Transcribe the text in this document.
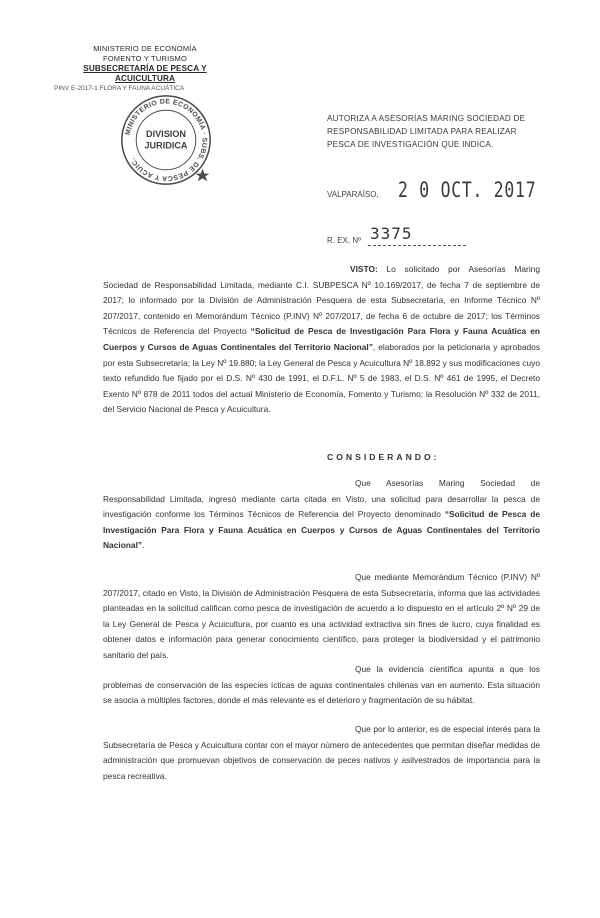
MINISTERIO DE ECONOMÍA
FOMENTO Y TURISMO
SUBSECRETARÍA DE PESCA Y ACUICULTURA
PINV E-2017-1 FLORA Y FAUNA ACUÁTICA
MINISTERIO DE ECONOMÍA · SUBS. DE PESCA Y ACUIC.
DIVISION
JURIDICA
AUTORIZA A ASESORÍAS MARING SOCIEDAD DE RESPONSABILIDAD LIMITADA PARA REALIZAR PESCA DE INVESTIGACIÓN QUE INDICA.
VALPARAÍSO, 2 0 OCT. 2017
R. EX. Nº 3375
VISTO: Lo solicitado por Asesorías Maring Sociedad de Responsabilidad Limitada, mediante C.I. SUBPESCA Nº 10.169/2017, de fecha 7 de septiembre de 2017; lo informado por la División de Administración Pesquera de esta Subsecretaría, en Informe Técnico Nº 207/2017, contenido en Memorándum Técnico (P.INV) Nº 207/2017, de fecha 6 de octubre de 2017; los Términos Técnicos de Referencia del Proyecto “Solicitud de Pesca de Investigación Para Flora y Fauna Acuática en Cuerpos y Cursos de Aguas Continentales del Territorio Nacional”, elaborados por la peticionaria y aprobados por esta Subsecretaría; la Ley Nº 19.880; la Ley General de Pesca y Acuicultura Nº 18.892 y sus modificaciones cuyo texto refundido fue fijado por el D.S. Nº 430 de 1991, el D.F.L. Nº 5 de 1983, el D.S. Nº 461 de 1995, el Decreto Exento Nº 878 de 2011 todos del actual Ministerio de Economía, Fomento y Turismo; la Resolución Nº 332 de 2011, del Servicio Nacional de Pesca y Acuicultura.
CONSIDERANDO:
Que Asesorías Maring Sociedad de Responsabilidad Limitada, ingresó mediante carta citada en Visto, una solicitud para desarrollar la pesca de investigación conforme los Términos Técnicos de Referencia del Proyecto denominado “Solicitud de Pesca de Investigación Para Flora y Fauna Acuática en Cuerpos y Cursos de Aguas Continentales del Territorio Nacional”.
Que mediante Memorándum Técnico (P.INV) Nº 207/2017, citado en Visto, la División de Administración Pesquera de esta Subsecretaría, informa que las actividades planteadas en la solicitud califican como pesca de investigación de acuerdo a lo dispuesto en el artículo 2º Nº 29 de la Ley General de Pesca y Acuicultura, por cuanto es una actividad extractiva sin fines de lucro, cuya finalidad es obtener datos e información para generar conocimiento científico, para proteger la biodiversidad y el patrimonio sanitario del país.
Que la evidencia científica apunta a que los problemas de conservación de las especies ícticas de aguas continentales chilenas van en aumento. Esta situación se asocia a múltiples factores, donde el más relevante es el deterioro y fragmentación de su hábitat.
Que por lo anterior, es de especial interés para la Subsecretaría de Pesca y Acuicultura contar con el mayor número de antecedentes que permitan diseñar medidas de administración que promuevan objetivos de conservación de peces nativos y asilvestrados de importancia para la pesca recreativa.
